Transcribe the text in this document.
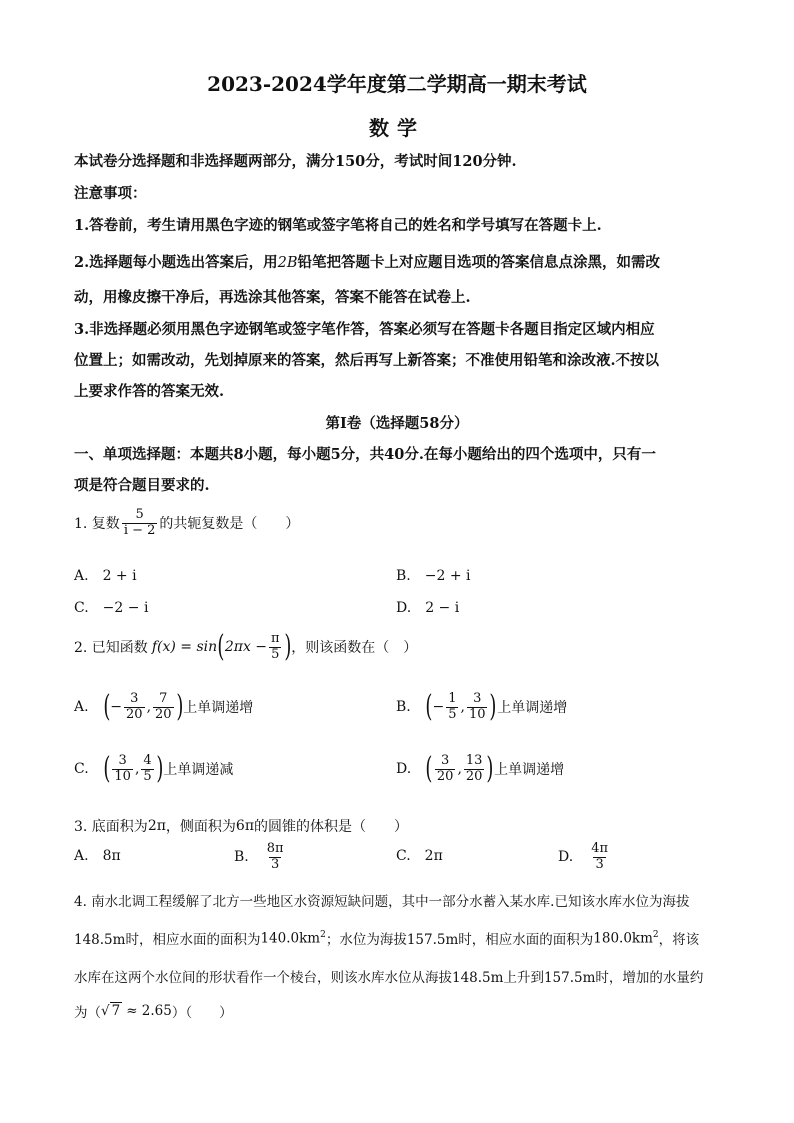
2023-2024学年度第二学期高一期末考试
数学
本试卷分选择题和非选择题两部分，满分150分，考试时间120分钟.
注意事项：
1.答卷前，考生请用黑色字迹的钢笔或签字笔将自己的姓名和学号填写在答题卡上.
2.选择题每小题选出答案后，用2B铅笔把答题卡上对应题目选项的答案信息点涂黑，如需改
动，用橡皮擦干净后，再选涂其他答案，答案不能答在试卷上.
3.非选择题必须用黑色字迹钢笔或签字笔作答，答案必须写在答题卡各题目指定区域内相应
位置上；如需改动，先划掉原来的答案，然后再写上新答案；不准使用铅笔和涂改液.不按以
上要求作答的答案无效.
第Ⅰ卷（选择题58分）
一、单项选择题：本题共8小题，每小题5分，共40分.在每小题给出的四个选项中，只有一
项是符合题目要求的.
1. 复数 $\frac{5}{i - 2}$ 的共轭复数是（　　）
A. 2 + i	B. −2 + i
C. −2 − i	D. 2 − i
2. 已知函数 f(x) = sin ( $2\pi x - \frac{\pi}{5}$ ) ，则该函数在（　）
A. ( − $\frac{3}{20}$ , $\frac{7}{20}$ ) 上单调递增	B. ( − $\frac{1}{5}$ , $\frac{3}{10}$ ) 上单调递增
C. ( $\frac{3}{10}$ , $\frac{4}{5}$ ) 上单调递减	D. ( $\frac{3}{20}$ , $\frac{13}{20}$ ) 上单调递增
3. 底面积为 2π ，侧面积为 6π 的圆锥的体积是（　　）
A. 8π	B. $\frac{8\pi}{3}$	C. 2π	D. $\frac{4\pi}{3}$
4. 南水北调工程缓解了北方一些地区水资源短缺问题，其中一部分水蓄入某水库.已知该水库水位为海拔
148.5m时，相应水面的面积为 $140.0km^2$ ；水位为海拔157.5m时，相应水面的面积为 $180.0km^2$ ，将该
水库在这两个水位间的形状看作一个棱台，则该水库水位从海拔148.5m上升到157.5m时，增加的水量约
为（ √ 7 ≈ 2.65 ）（　　）
